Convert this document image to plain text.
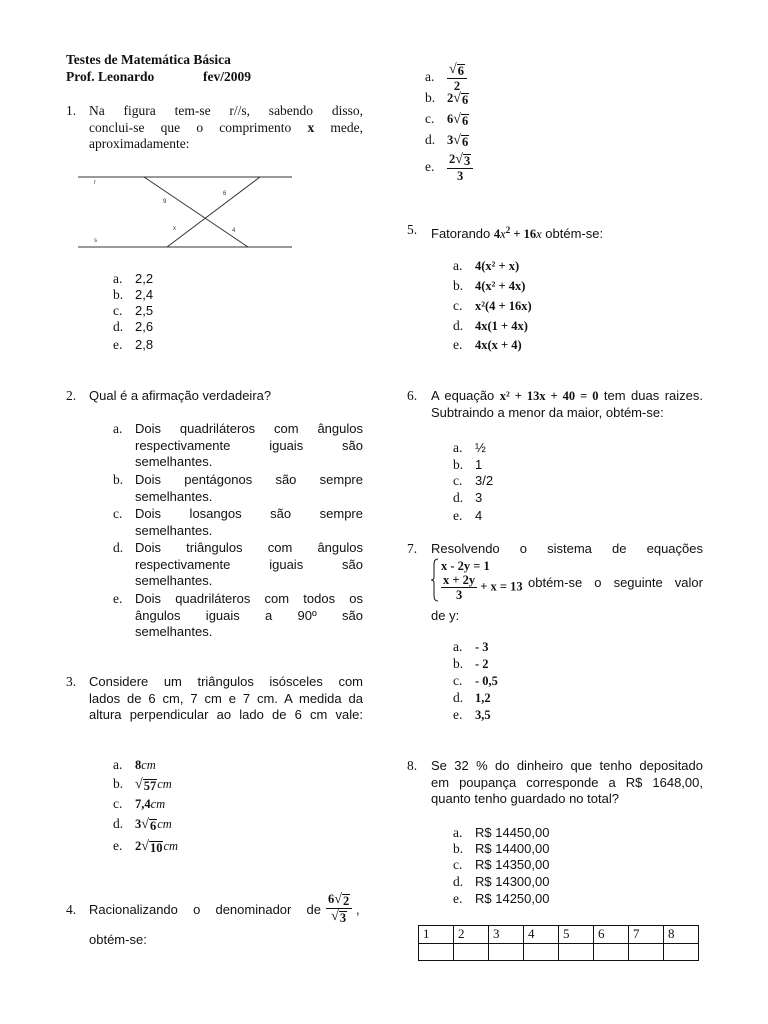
Testes de Matemática Básica
Prof. Leonardo	fev/2009
1. Na figura tem-se r//s, sabendo disso,
conclui-se que o comprimento x mede,
aproximadamente:
r
s
6
9
x	4
a. 2,2
b. 2,4
c. 2,5
d. 2,6
e. 2,8
2. Qual é a afirmação verdadeira?
a. Dois quadriláteros com ângulos
respectivamente iguais são
semelhantes.
b. Dois pentágonos são sempre
semelhantes.
c. Dois losangos são sempre
semelhantes.
d. Dois triângulos com ângulos
respectivamente iguais são
semelhantes.
e. Dois quadriláteros com todos os
ângulos iguais a 90º são
semelhantes.
3. Considere um triângulos isósceles com
lados de 6 cm, 7 cm e 7 cm. A medida da
altura perpendicular ao lado de 6 cm vale:
a. 8cm
b. √ 57 cm
c. 7,4cm
d. 3 √ 6 cm
e. 2 √ 10 cm
4. Racionalizando o denominador de $\frac{6 √ 2}{√ 3}$ ,
obtém-se:
a. $\frac{√ 6}{2}$
b. 2 √ 6
c. 6 √ 6
d. 3 √ 6
e. $\frac{2 √ 3}{3}$
5.	Fatorando $4x^2 + 16x$ obtém-se:
a. 4(x² + x)
b. 4(x² + 4x)
c. x²(4 + 16x)
d. 4x(1 + 4x)
e. 4x(x + 4)
6.	A equação x² + 13x + 40 = 0 tem duas raizes.
Subtraindo a menor da maior, obtém-se:
a. ½
b. 1
c. 3/2
d. 3
e. 4
7.	Resolvendo o sistema de equações
x - 2y = 1
$\frac{x + 2y}{3} + x = 13$ obtém-se o seguinte valor
de y:
a. - 3
b. - 2
c. - 0,5
d. 1,2
e. 3,5
8.	Se 32 % do dinheiro que tenho depositado
em poupança corresponde a R$ 1648,00,
quanto tenho guardado no total?
a. R$ 14450,00
b. R$ 14400,00
c. R$ 14350,00
d. R$ 14300,00
e. R$ 14250,00
1	2	3	4	5	6	7	8
